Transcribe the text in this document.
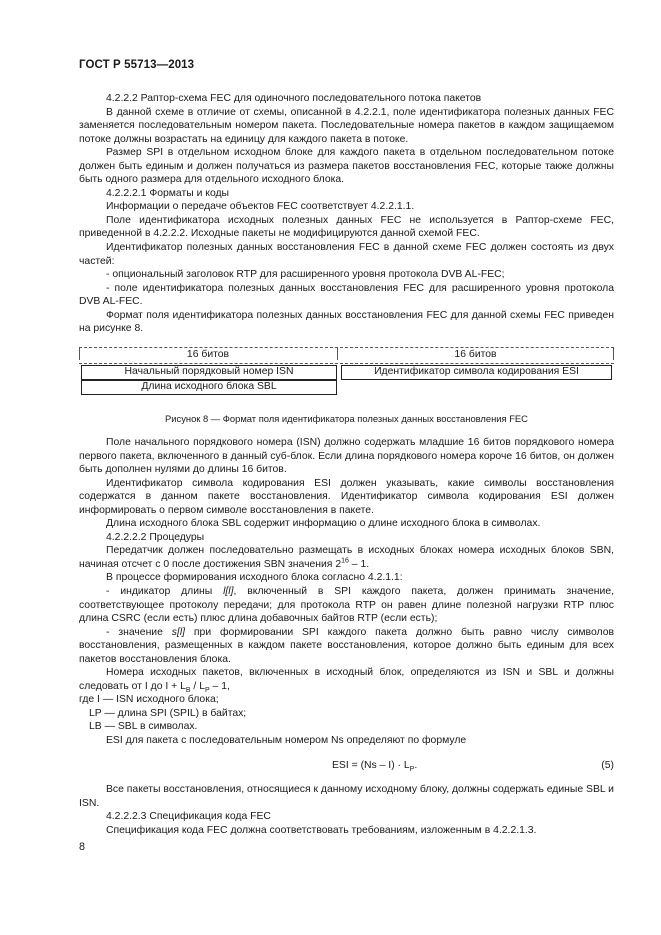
ГОСТ Р 55713—2013

4.2.2.2 Раптор-схема FEC для одиночного последовательного потока пакетов

В данной схеме в отличие от схемы, описанной в 4.2.2.1, поле идентификатора полезных данных FEC заменяется последовательным номером пакета. Последовательные номера пакетов в каждом защищаемом потоке должны возрастать на единицу для каждого пакета в потоке.

Размер SPI в отдельном исходном блоке для каждого пакета в отдельном последовательном потоке должен быть единым и должен получаться из размера пакетов восстановления FEC, которые также должны быть одного размера для отдельного исходного блока.

4.2.2.2.1 Форматы и коды

Информации о передаче объектов FEC соответствует 4.2.2.1.1.

Поле идентификатора исходных полезных данных FEC не используется в Раптор-схеме FEC, приведенной в 4.2.2.2. Исходные пакеты не модифицируются данной схемой FEC.

Идентификатор полезных данных восстановления FEC в данной схеме FEC должен состоять из двух частей:

- опциональный заголовок RTP для расширенного уровня протокола DVB AL-FEC;

- поле идентификатора полезных данных восстановления FEC для расширенного уровня протокола DVB AL-FEC.

Формат поля идентификатора полезных данных восстановления FEC для данной схемы FEC приведен на рисунке 8.

16 битов	16 битов
Начальный порядковый номер ISN	Идентификатор символа кодирования ESI
Длина исходного блока SBL

Рисунок 8 — Формат поля идентификатора полезных данных восстановления FEC

Поле начального порядкового номера (ISN) должно содержать младшие 16 битов порядкового номера первого пакета, включенного в данный суб-блок. Если длина порядкового номера короче 16 битов, он должен быть дополнен нулями до длины 16 битов.

Идентификатор символа кодирования ESI должен указывать, какие символы восстановления содержатся в данном пакете восстановления. Идентификатор символа кодирования ESI должен информировать о первом символе восстановления в пакете.

Длина исходного блока SBL содержит информацию о длине исходного блока в символах.

4.2.2.2.2 Процедуры

Передатчик должен последовательно размещать в исходных блоках номера исходных блоков SBN, начиная отсчет с 0 после достижения SBN значения $2^{16} - 1$.

В процессе формирования исходного блока согласно 4.2.1.1:

- индикатор длины l[l], включенный в SPI каждого пакета, должен принимать значение, соответствующее протоколу передачи; для протокола RTP он равен длине полезной нагрузки RTP плюс длина CSRC (если есть) плюс длина добавочных байтов RTP (если есть);

- значение s[l] при формировании SPI каждого пакета должно быть равно числу символов восстановления, размещенных в каждом пакете восстановления, которое должно быть единым для всех пакетов восстановления блока.

Номера исходных пакетов, включенных в исходный блок, определяются из ISN и SBL и должны следовать от I до $I + L_B / L_P - 1$,

где I — ISN исходного блока;

LP — длина SPI (SPIL) в байтах;

LB — SBL в символах.

ESI для пакета с последовательным номером Ns определяют по формуле

ESI = $(Ns - I) \cdot L_P$.	(5)

Все пакеты восстановления, относящиеся к данному исходному блоку, должны содержать единые SBL и ISN.

4.2.2.2.3 Спецификация кода FEC

Спецификация кода FEC должна соответствовать требованиям, изложенным в 4.2.2.1.3.

8
